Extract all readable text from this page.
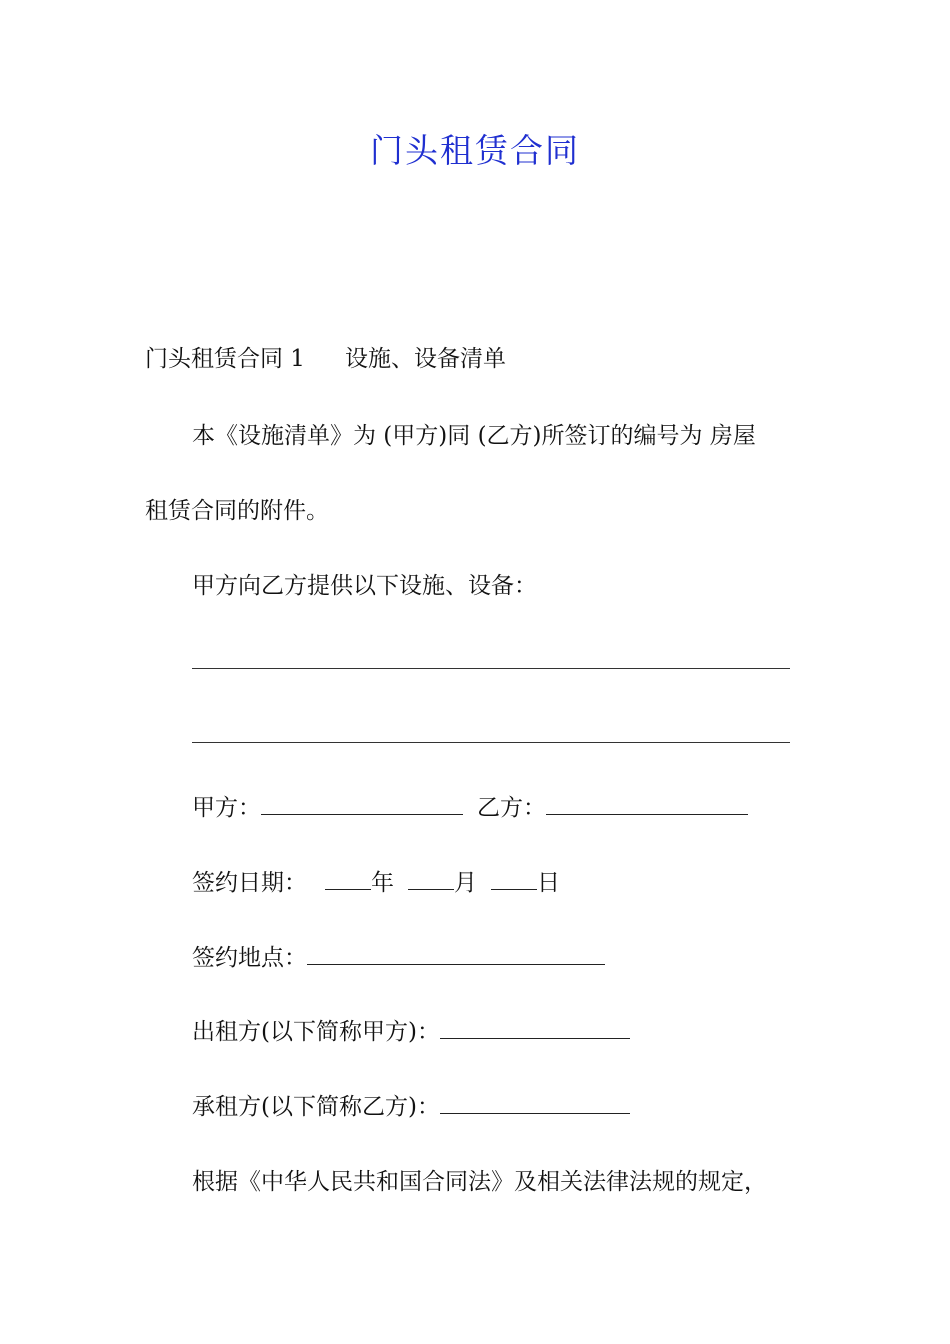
门头租赁合同
门头租赁合同 1 设施、设备清单
本《设施清单》为 (甲方)同 (乙方)所签订的编号为 房屋
租赁合同的附件。
甲方向乙方提供以下设施、设备：
甲方：	乙方：
签约日期：	年	月	日
签约地点：
出租方(以下简称甲方)：
承租方(以下简称乙方)：
根据《中华人民共和国合同法》及相关法律法规的规定，
